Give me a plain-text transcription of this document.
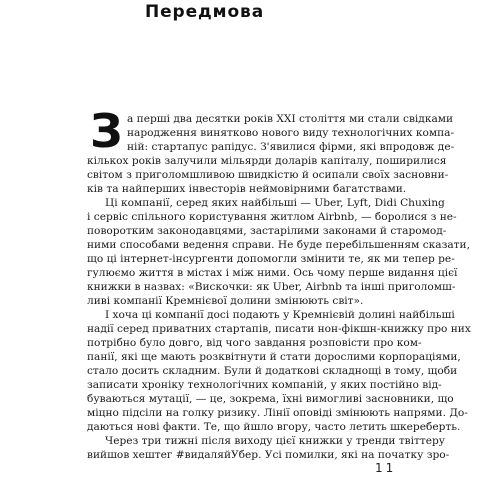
Передмова
З а перші два десятки років XXI століття ми стали свідками
народження винятково нового виду технологічних компа-
ній: стартапус рапідус. З'явилися фірми, які впродовж де-
кількох років залучили мільярди доларів капіталу, поширилися
світом з приголомшливою швидкістю й осипали своїх засновни-
ків та найперших інвесторів неймовірними багатствами.
Ці компанії, серед яких найбільші — Uber, Lyft, Didi Chuxing
і сервіс спільного користування житлом Airbnb, — боролися з не-
поворотким законодавцями, застарілими законами й старомод-
ними способами ведення справи. Не буде перебільшенням сказати,
що ці інтернет-інсургенти допомогли змінити те, як ми тепер ре-
гулюємо життя в містах і між ними. Ось чому перше видання цієї
книжки в назвах: «Вискочки: як Uber, Airbnb та інші приголомш-
ливі компанії Кремнієвої долини змінюють світ».
І хоча ці компанії досі подають у Кремнієвій долині найбільші
надії серед приватних стартапів, писати нон-фікшн-книжку про них
потрібно було довго, від чого завдання розповісти про ком-
панії, які ще мають розквітнути й стати дорослими корпораціями,
стало досить складним. Були й додаткові складнощі в тому, щоби
записати хроніку технологічних компаній, у яких постійно від-
буваються мутації, — це, зокрема, їхні вимогливі засновники, що
міцно підсіли на голку ризику. Лінії оповіді змінюють напрями. До-
даються нові факти. Те, що йшло вгору, часто летить шкереберть.
Через три тижні після виходу цієї книжки у тренди твіттеру
вийшов хештег #видаляйУбер. Усі помилки, які на початку зро-
11
